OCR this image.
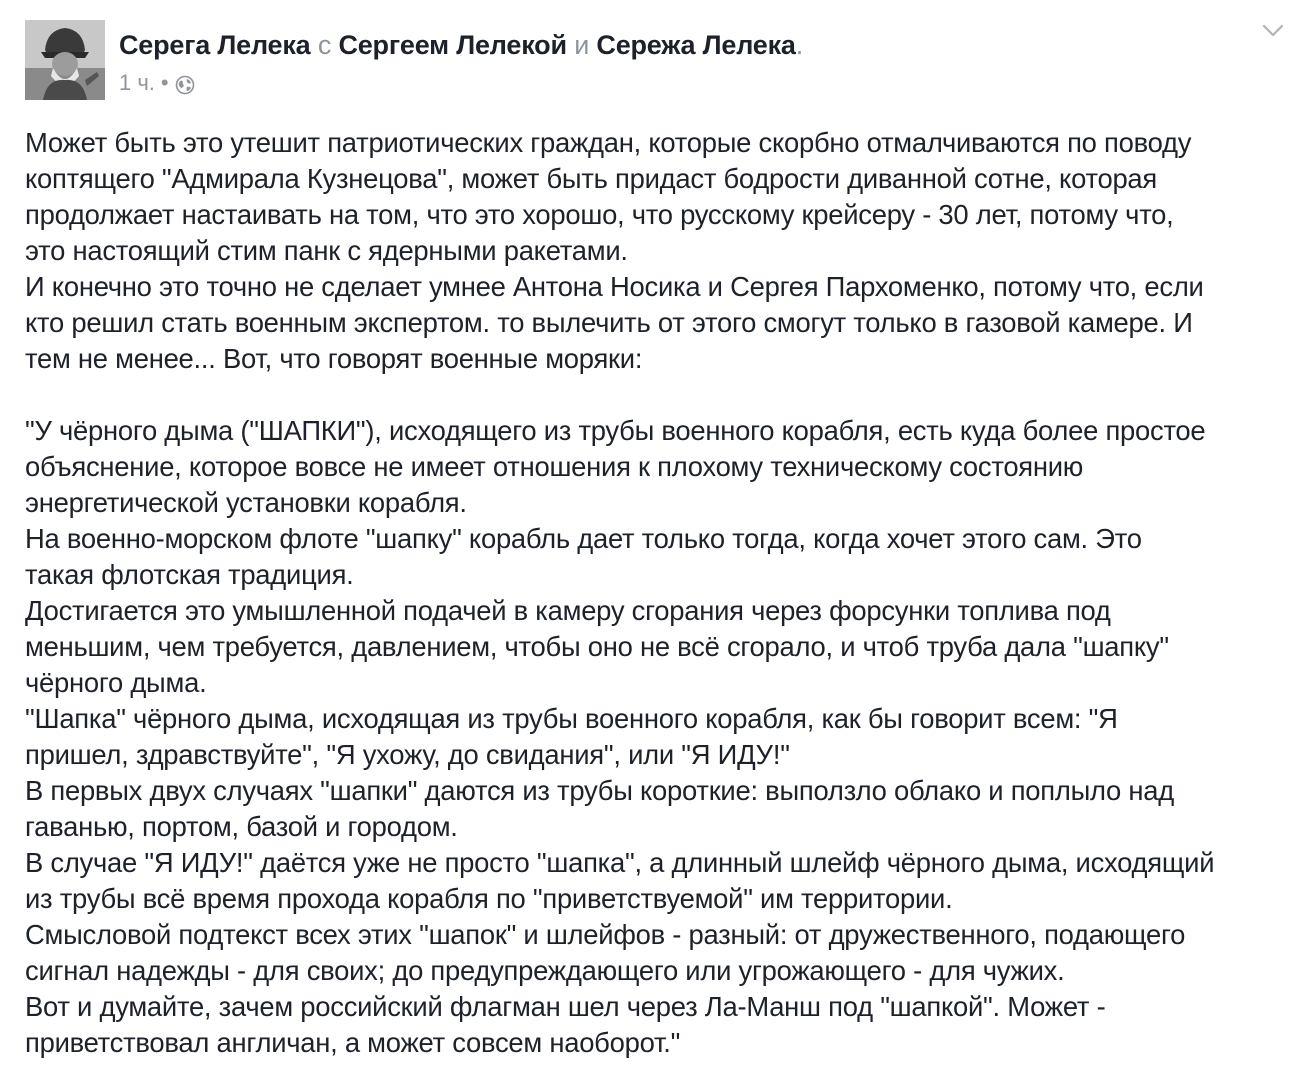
Серега Лелека с Сергеем Лелекой и Сережа Лелека.
1 ч. •
Может быть это утешит патриотических граждан, которые скорбно отмалчиваются по поводу
коптящего "Адмирала Кузнецова", может быть придаст бодрости диванной сотне, которая
продолжает настаивать на том, что это хорошо, что русскому крейсеру - 30 лет, потому что,
это настоящий стим панк с ядерными ракетами.
И конечно это точно не сделает умнее Антона Носика и Сергея Пархоменко, потому что, если
кто решил стать военным экспертом. то вылечить от этого смогут только в газовой камере. И
тем не менее... Вот, что говорят военные моряки:
"У чёрного дыма ("ШАПКИ"), исходящего из трубы военного корабля, есть куда более простое
объяснение, которое вовсе не имеет отношения к плохому техническому состоянию
энергетической установки корабля.
На военно-морском флоте "шапку" корабль дает только тогда, когда хочет этого сам. Это
такая флотская традиция.
Достигается это умышленной подачей в камеру сгорания через форсунки топлива под
меньшим, чем требуется, давлением, чтобы оно не всё сгорало, и чтоб труба дала "шапку"
чёрного дыма.
"Шапка" чёрного дыма, исходящая из трубы военного корабля, как бы говорит всем: "Я
пришел, здравствуйте", "Я ухожу, до свидания", или "Я ИДУ!"
В первых двух случаях "шапки" даются из трубы короткие: выползло облако и поплыло над
гаванью, портом, базой и городом.
В случае "Я ИДУ!" даётся уже не просто "шапка", а длинный шлейф чёрного дыма, исходящий
из трубы всё время прохода корабля по "приветствуемой" им территории.
Смысловой подтекст всех этих "шапок" и шлейфов - разный: от дружественного, подающего
сигнал надежды - для своих; до предупреждающего или угрожающего - для чужих.
Вот и думайте, зачем российский флагман шел через Ла-Манш под "шапкой". Может -
приветствовал англичан, а может совсем наоборот."
